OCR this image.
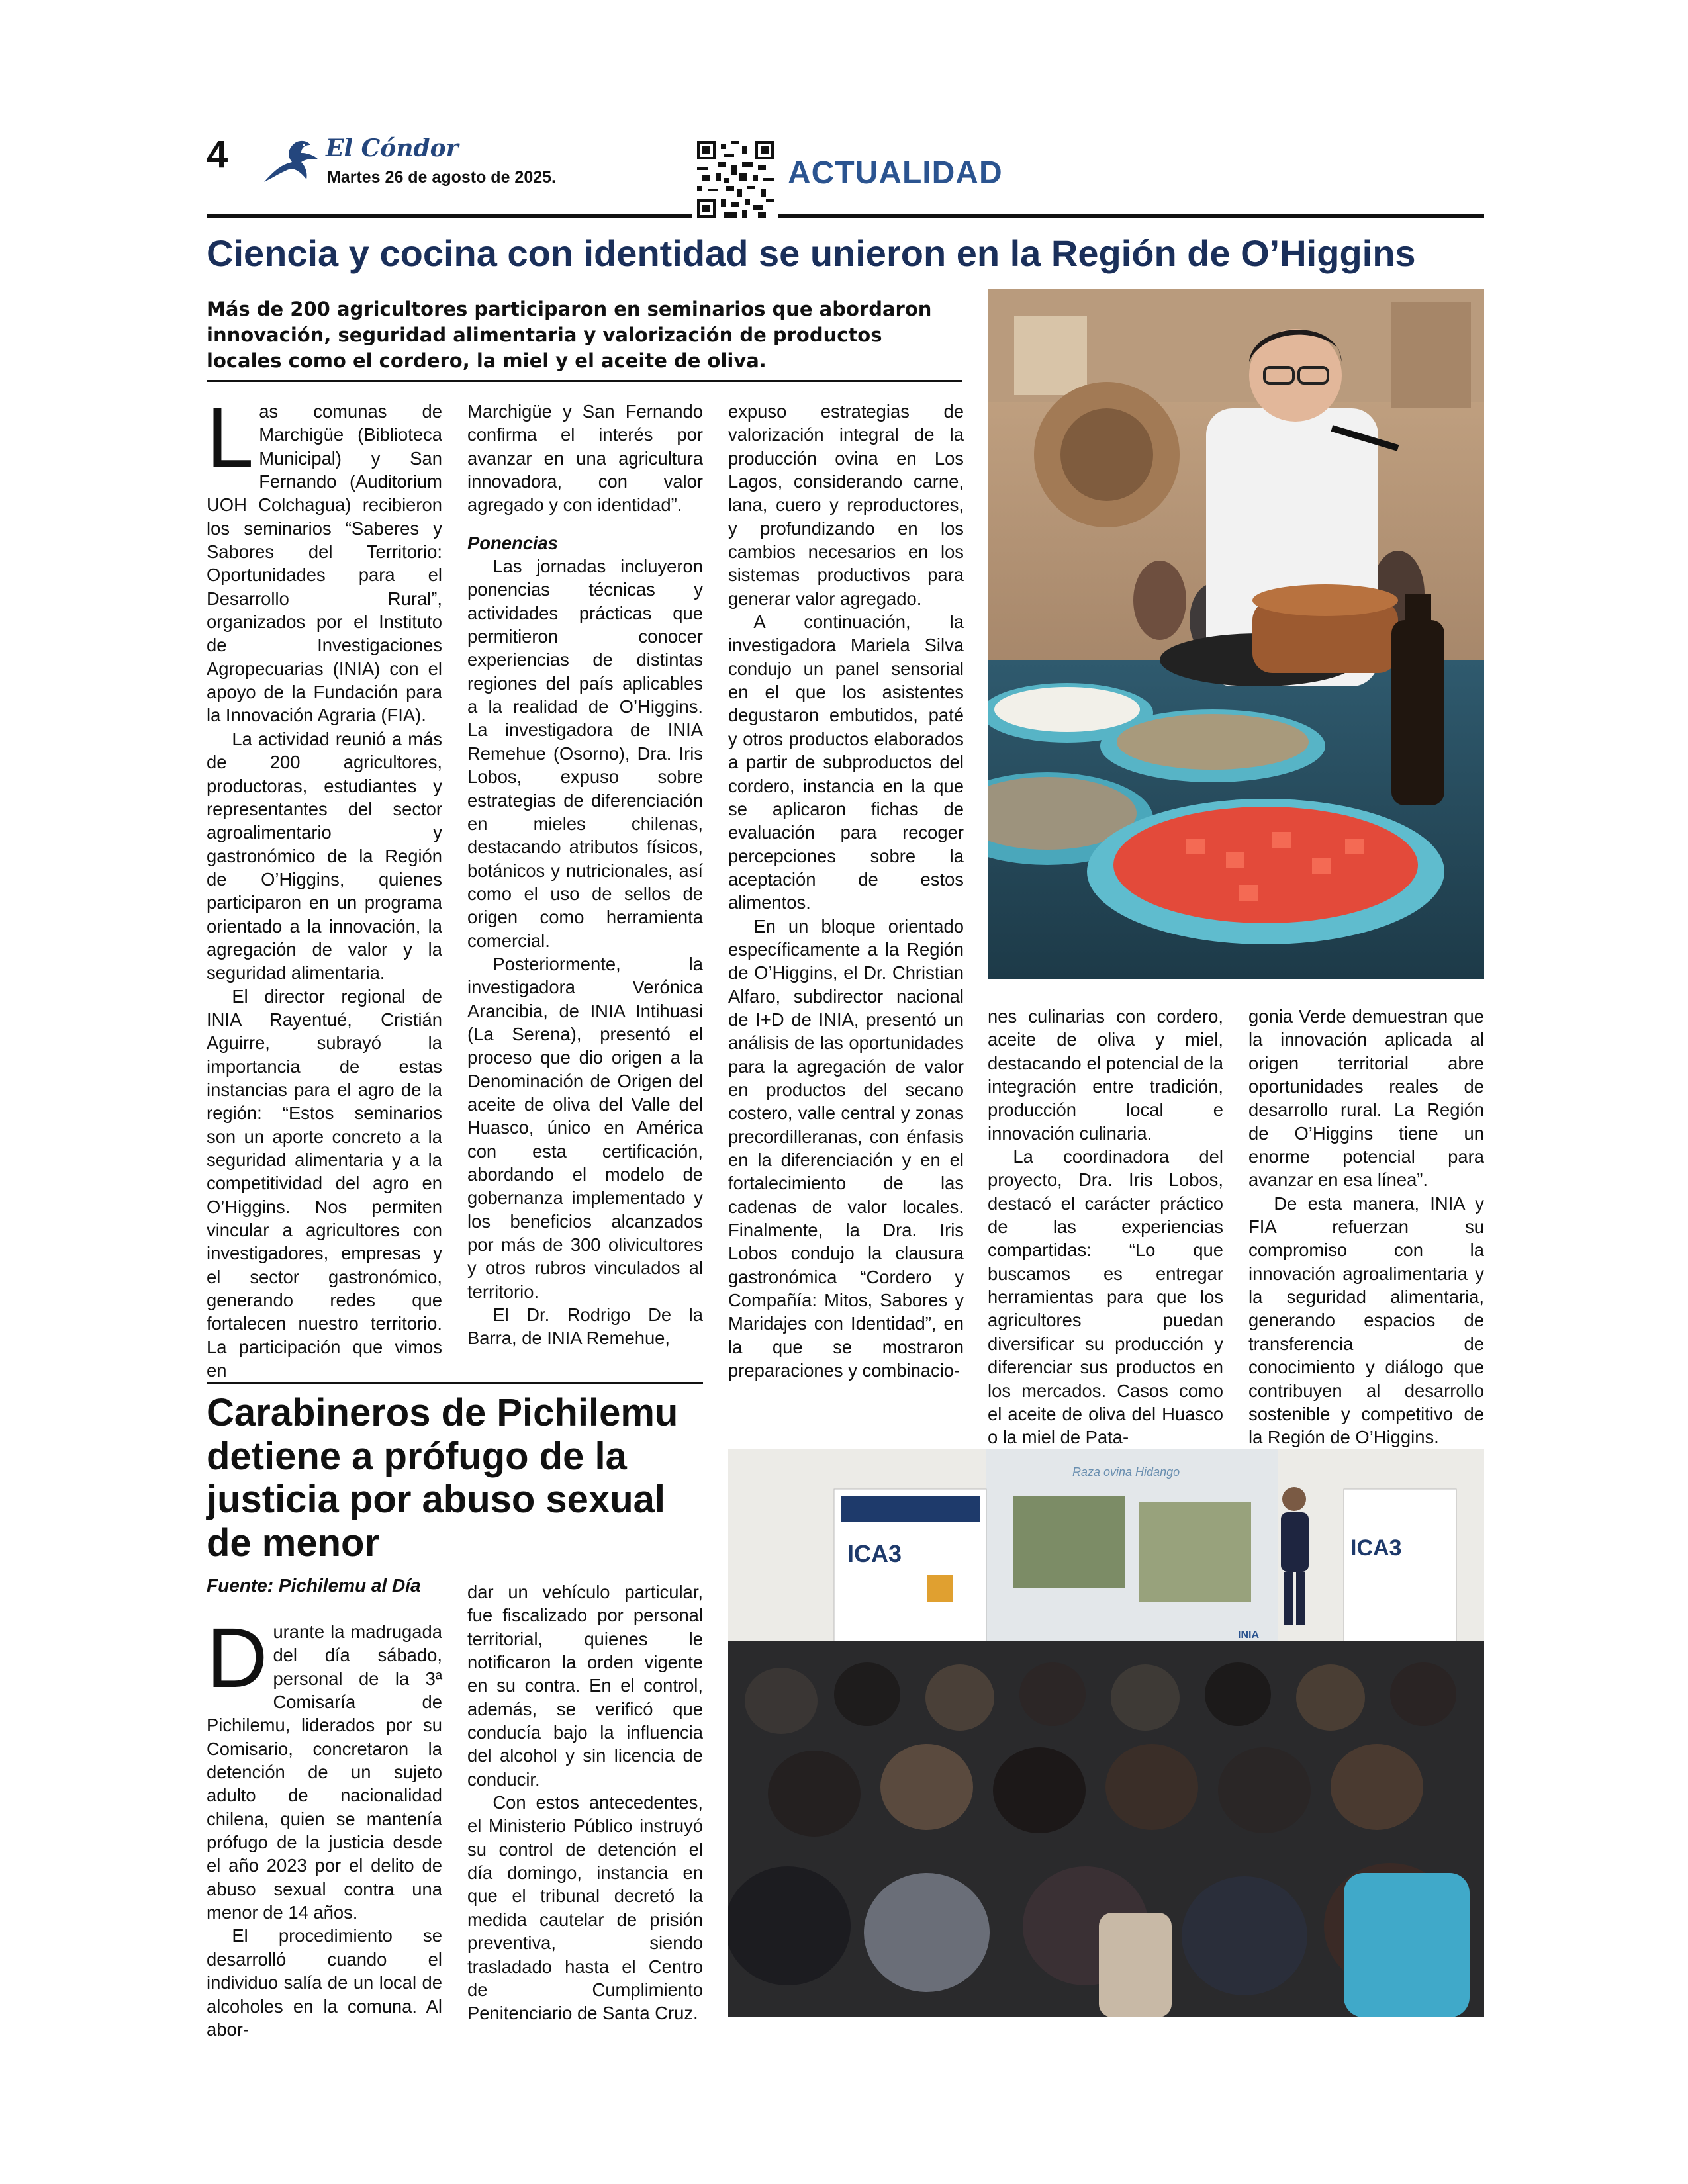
4	El Cóndor
Martes 26 de agosto de 2025.	ACTUALIDAD
Ciencia y cocina con identidad se unieron en la Región de O’Higgins
Más de 200 agricultores participaron en seminarios que abordaron innovación, seguridad alimentaria y valorización de productos locales como el cordero, la miel y el aceite de oliva.

Las comunas de Marchigüe (Biblioteca Municipal) y San Fernando (Auditorium UOH Colchagua) recibieron los seminarios “Saberes y Sabores del Territorio: Oportunidades para el Desarrollo Rural”, organizados por el Instituto de Investigaciones Agropecuarias (INIA) con el apoyo de la Fundación para la Innovación Agraria (FIA).

La actividad reunió a más de 200 agricultores, productoras, estudiantes y representantes del sector agroalimentario y gastronómico de la Región de O’Higgins, quienes participaron en un programa orientado a la innovación, la agregación de valor y la seguridad alimentaria.

El director regional de INIA Rayentué, Cristián Aguirre, subrayó la importancia de estas instancias para el agro de la región: “Estos seminarios son un aporte concreto a la seguridad alimentaria y a la competitividad del agro en O’Higgins. Nos permiten vincular a agricultores con investigadores, empresas y el sector gastronómico, generando redes que fortalecen nuestro territorio. La participación que vimos en

Marchigüe y San Fernando confirma el interés por avanzar en una agricultura innovadora, con valor agregado y con identidad”.

Ponencias

Las jornadas incluyeron ponencias técnicas y actividades prácticas que permitieron conocer experiencias de distintas regiones del país aplicables a la realidad de O’Higgins. La investigadora de INIA Remehue (Osorno), Dra. Iris Lobos, expuso sobre estrategias de diferenciación en mieles chilenas, destacando atributos físicos, botánicos y nutricionales, así como el uso de sellos de origen como herramienta comercial.

Posteriormente, la investigadora Verónica Arancibia, de INIA Intihuasi (La Serena), presentó el proceso que dio origen a la Denominación de Origen del aceite de oliva del Valle del Huasco, único en América con esta certificación, abordando el modelo de gobernanza implementado y los beneficios alcanzados por más de 300 olivicultores y otros rubros vinculados al territorio.

El Dr. Rodrigo De la Barra, de INIA Remehue,

expuso estrategias de valorización integral de la producción ovina en Los Lagos, considerando carne, lana, cuero y reproductores, y profundizando en los cambios necesarios en los sistemas productivos para generar valor agregado.

A continuación, la investigadora Mariela Silva condujo un panel sensorial en el que los asistentes degustaron embutidos, paté y otros productos elaborados a partir de subproductos del cordero, instancia en la que se aplicaron fichas de evaluación para recoger percepciones sobre la aceptación de estos alimentos.

En un bloque orientado específicamente a la Región de O’Higgins, el Dr. Christian Alfaro, subdirector nacional de I+D de INIA, presentó un análisis de las oportunidades para la agregación de valor en productos del secano costero, valle central y zonas precordilleranas, con énfasis en la diferenciación y en el fortalecimiento de las cadenas de valor locales. Finalmente, la Dra. Iris Lobos condujo la clausura gastronómica “Cordero y Compañía: Mitos, Sabores y Maridajes con Identidad”, en la que se mostraron preparaciones y combinacio-

nes culinarias con cordero, aceite de oliva y miel, destacando el potencial de la integración entre tradición, producción local e innovación culinaria.

La coordinadora del proyecto, Dra. Iris Lobos, destacó el carácter práctico de las experiencias compartidas: “Lo que buscamos es entregar herramientas para que los agricultores puedan diversificar su producción y diferenciar sus productos en los mercados. Casos como el aceite de oliva del Huasco o la miel de Pata-

gonia Verde demuestran que la innovación aplicada al origen territorial abre oportunidades reales de desarrollo rural. La Región de O’Higgins tiene un enorme potencial para avanzar en esa línea”.

De esta manera, INIA y FIA refuerzan su compromiso con la innovación agroalimentaria y la seguridad alimentaria, generando espacios de transferencia de conocimiento y diálogo que contribuyen al desarrollo sostenible y competitivo de la Región de O’Higgins.

Carabineros de Pichilemu detiene a prófugo de la justicia por abuso sexual de menor
Fuente: Pichilemu al Día

Durante la madrugada del día sábado, personal de la 3ª Comisaría de Pichilemu, liderados por su Comisario, concretaron la detención de un sujeto adulto de nacionalidad chilena, quien se mantenía prófugo de la justicia desde el año 2023 por el delito de abuso sexual contra una menor de 14 años.

El procedimiento se desarrolló cuando el individuo salía de un local de alcoholes en la comuna. Al abor-

dar un vehículo particular, fue fiscalizado por personal territorial, quienes le notificaron la orden vigente en su contra. En el control, además, se verificó que conducía bajo la influencia del alcohol y sin licencia de conducir.

Con estos antecedentes, el Ministerio Público instruyó su control de detención el día domingo, instancia en que el tribunal decretó la medida cautelar de prisión preventiva, siendo trasladado hasta el Centro de Cumplimiento Penitenciario de Santa Cruz.

Raza ovina Hidango
INIA
ICA3	ICA3
